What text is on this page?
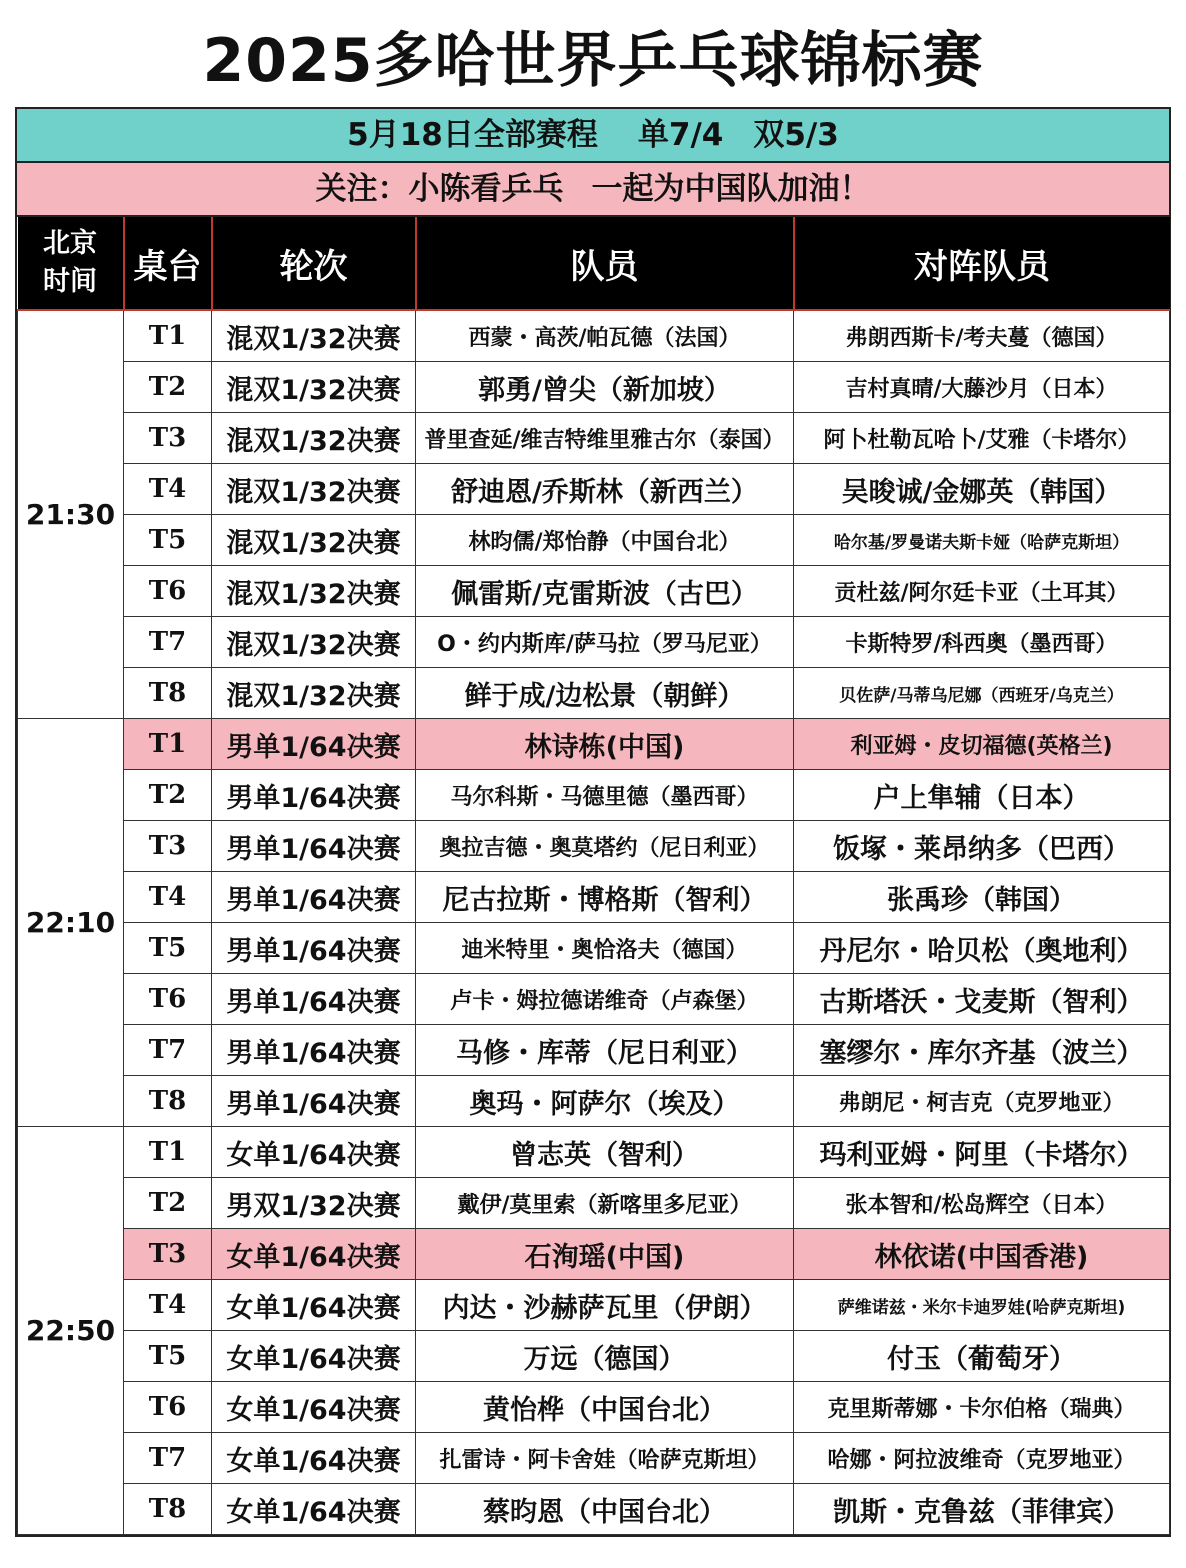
2025多哈世界乒乓球锦标赛
5月18日全部赛程 单7/4 双5/3
关注：小陈看乒乓 一起为中国队加油！
北京
时间	桌台	轮次	队员	对阵队员
21:30	T1	混双1/32决赛	西蒙・高茨/帕瓦德（法国）	弗朗西斯卡/考夫蔓（德国）
	T2	混双1/32决赛	郭勇/曾尖（新加坡）	吉村真晴/大藤沙月（日本）
	T3	混双1/32决赛	普里查延/维吉特维里雅古尔（泰国）	阿卜杜勒瓦哈卜/艾雅（卡塔尔）
	T4	混双1/32决赛	舒迪恩/乔斯林（新西兰）	吴晙诚/金娜英（韩国）
	T5	混双1/32决赛	林昀儒/郑怡静（中国台北）	哈尔基/罗曼诺夫斯卡娅（哈萨克斯坦）
	T6	混双1/32决赛	佩雷斯/克雷斯波（古巴）	贡杜兹/阿尔廷卡亚（土耳其）
	T7	混双1/32决赛	O・约内斯库/萨马拉（罗马尼亚）	卡斯特罗/科西奥（墨西哥）
	T8	混双1/32决赛	鲜于成/边松景（朝鲜）	贝佐萨/马蒂乌尼娜（西班牙/乌克兰）
22:10	T1	男单1/64决赛	林诗栋(中国)	利亚姆・皮切福德(英格兰)
	T2	男单1/64决赛	马尔科斯・马德里德（墨西哥）	户上隼辅（日本）
	T3	男单1/64决赛	奥拉吉德・奥莫塔约（尼日利亚）	饭塚・莱昂纳多（巴西）
	T4	男单1/64决赛	尼古拉斯・博格斯（智利）	张禹珍（韩国）
	T5	男单1/64决赛	迪米特里・奥恰洛夫（德国）	丹尼尔・哈贝松（奥地利）
	T6	男单1/64决赛	卢卡・姆拉德诺维奇（卢森堡）	古斯塔沃・戈麦斯（智利）
	T7	男单1/64决赛	马修・库蒂（尼日利亚）	塞缪尔・库尔齐基（波兰）
	T8	男单1/64决赛	奥玛・阿萨尔（埃及）	弗朗尼・柯吉克（克罗地亚）
22:50	T1	女单1/64决赛	曾志英（智利）	玛利亚姆・阿里（卡塔尔）
	T2	男双1/32决赛	戴伊/莫里索（新喀里多尼亚）	张本智和/松岛辉空（日本）
	T3	女单1/64决赛	石洵瑶(中国)	林依诺(中国香港)
	T4	女单1/64决赛	内达・沙赫萨瓦里（伊朗）	萨维诺兹・米尔卡迪罗娃(哈萨克斯坦)
	T5	女单1/64决赛	万远（德国）	付玉（葡萄牙）
	T6	女单1/64决赛	黄怡桦（中国台北）	克里斯蒂娜・卡尔伯格（瑞典）
	T7	女单1/64决赛	扎雷诗・阿卡舍娃（哈萨克斯坦）	哈娜・阿拉波维奇（克罗地亚）
	T8	女单1/64决赛	蔡昀恩（中国台北）	凯斯・克鲁兹（菲律宾）
